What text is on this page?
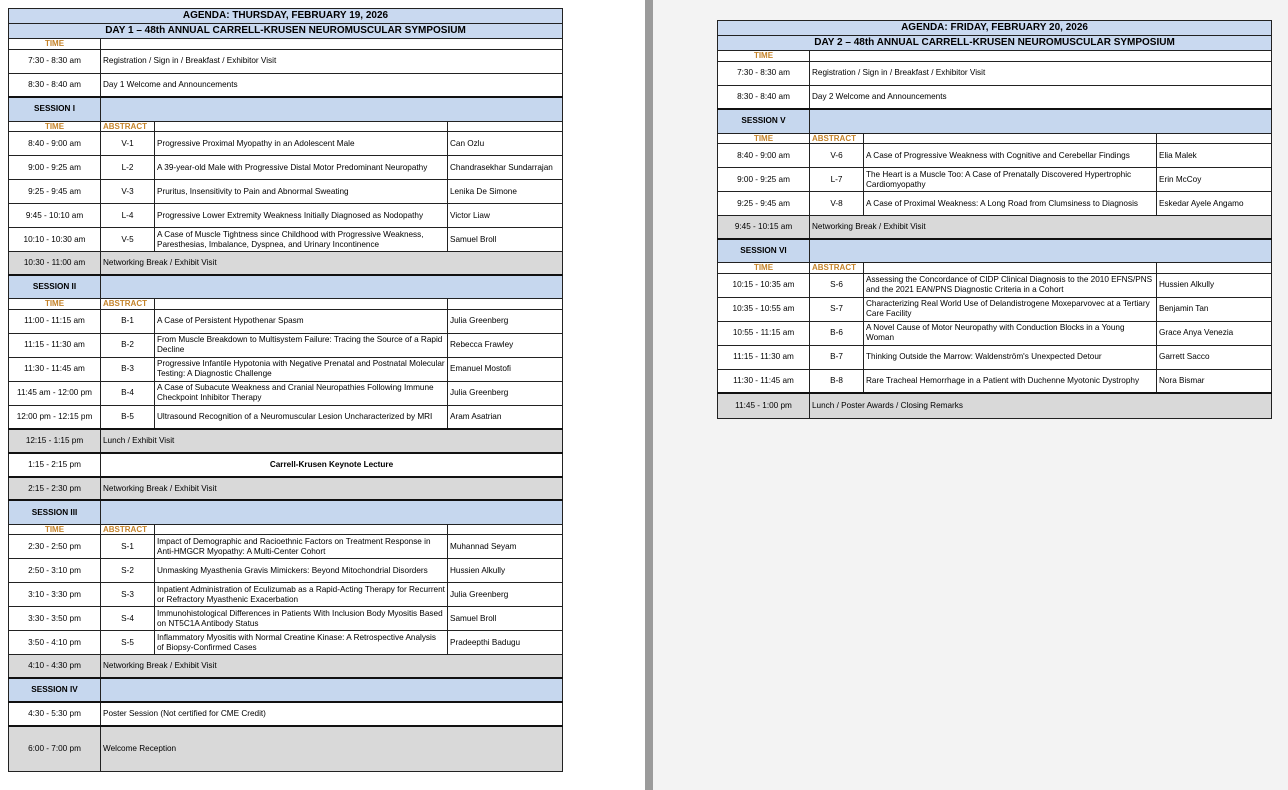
AGENDA: THURSDAY, FEBRUARY 19, 2026			
DAY 1 – 48th ANNUAL CARRELL-KRUSEN NEUROMUSCULAR SYMPOSIUM			
TIME			
7:30 - 8:30 am	Registration / Sign in / Breakfast / Exhibitor Visit		
8:30 - 8:40 am	Day 1 Welcome and Announcements		
SESSION I			
TIME	ABSTRACT		
8:40 - 9:00 am	V-1	Progressive Proximal Myopathy in an Adolescent Male	Can Ozlu
9:00 - 9:25 am	L-2	A 39-year-old Male with Progressive Distal Motor Predominant Neuropathy	Chandrasekhar Sundarrajan
9:25 - 9:45 am	V-3	Pruritus, Insensitivity to Pain and Abnormal Sweating	Lenika De Simone
9:45 - 10:10 am	L-4	Progressive Lower Extremity Weakness Initially Diagnosed as Nodopathy	Victor Liaw
10:10 - 10:30 am	V-5	A Case of Muscle Tightness since Childhood with Progressive Weakness, Paresthesias, Imbalance, Dyspnea, and Urinary Incontinence	Samuel Broll
10:30 - 11:00 am	Networking Break / Exhibit Visit		
SESSION II			
TIME	ABSTRACT		
11:00 - 11:15 am	B-1	A Case of Persistent Hypothenar Spasm	Julia Greenberg
11:15 - 11:30 am	B-2	From Muscle Breakdown to Multisystem Failure: Tracing the Source of a Rapid Decline	Rebecca Frawley
11:30 - 11:45 am	B-3	Progressive Infantile Hypotonia with Negative Prenatal and Postnatal Molecular Testing: A Diagnostic Challenge	Emanuel Mostofi
11:45 am - 12:00 pm	B-4	A Case of Subacute Weakness and Cranial Neuropathies Following Immune Checkpoint Inhibitor Therapy	Julia Greenberg
12:00 pm - 12:15 pm	B-5	Ultrasound Recognition of a Neuromuscular Lesion Uncharacterized by MRI	Aram Asatrian
12:15 - 1:15 pm	Lunch / Exhibit Visit		
1:15 - 2:15 pm	Carrell-Krusen Keynote Lecture		
2:15 - 2:30 pm	Networking Break / Exhibit Visit		
SESSION III			
TIME	ABSTRACT		
2:30 - 2:50 pm	S-1	Impact of Demographic and Racioethnic Factors on Treatment Response in Anti-HMGCR Myopathy: A Multi-Center Cohort	Muhannad Seyam
2:50 - 3:10 pm	S-2	Unmasking Myasthenia Gravis Mimickers: Beyond Mitochondrial Disorders	Hussien Alkully
3:10 - 3:30 pm	S-3	Inpatient Administration of Eculizumab as a Rapid-Acting Therapy for Recurrent or Refractory Myasthenic Exacerbation	Julia Greenberg
3:30 - 3:50 pm	S-4	Immunohistological Differences in Patients With Inclusion Body Myositis Based on NT5C1A Antibody Status	Samuel Broll
3:50 - 4:10 pm	S-5	Inflammatory Myositis with Normal Creatine Kinase: A Retrospective Analysis of Biopsy-Confirmed Cases	Pradeepthi Badugu
4:10 - 4:30 pm	Networking Break / Exhibit Visit		
SESSION IV			
4:30 - 5:30 pm	Poster Session (Not certified for CME Credit)		
6:00 - 7:00 pm	Welcome Reception		
AGENDA: FRIDAY, FEBRUARY 20, 2026			
DAY 2 – 48th ANNUAL CARRELL-KRUSEN NEUROMUSCULAR SYMPOSIUM			
TIME			
7:30 - 8:30 am	Registration / Sign in / Breakfast / Exhibitor Visit		
8:30 - 8:40 am	Day 2 Welcome and Announcements		
SESSION V			
TIME	ABSTRACT		
8:40 - 9:00 am	V-6	A Case of Progressive Weakness with Cognitive and Cerebellar Findings	Elia Malek
9:00 - 9:25 am	L-7	The Heart is a Muscle Too: A Case of Prenatally Discovered Hypertrophic Cardiomyopathy	Erin McCoy
9:25 - 9:45 am	V-8	A Case of Proximal Weakness: A Long Road from Clumsiness to Diagnosis	Eskedar Ayele Angamo
9:45 - 10:15 am	Networking Break / Exhibit Visit		
SESSION VI			
TIME	ABSTRACT		
10:15 - 10:35 am	S-6	Assessing the Concordance of CIDP Clinical Diagnosis to the 2010 EFNS/PNS and the 2021 EAN/PNS Diagnostic Criteria in a Cohort	Hussien Alkully
10:35 - 10:55 am	S-7	Characterizing Real World Use of Delandistrogene Moxeparvovec at a Tertiary Care Facility	Benjamin Tan
10:55 - 11:15 am	B-6	A Novel Cause of Motor Neuropathy with Conduction Blocks in a Young Woman	Grace Anya Venezia
11:15 - 11:30 am	B-7	Thinking Outside the Marrow: Waldenström's Unexpected Detour	Garrett Sacco
11:30 - 11:45 am	B-8	Rare Tracheal Hemorrhage in a Patient with Duchenne Myotonic Dystrophy	Nora Bismar
11:45 - 1:00 pm	Lunch / Poster Awards / Closing Remarks		
